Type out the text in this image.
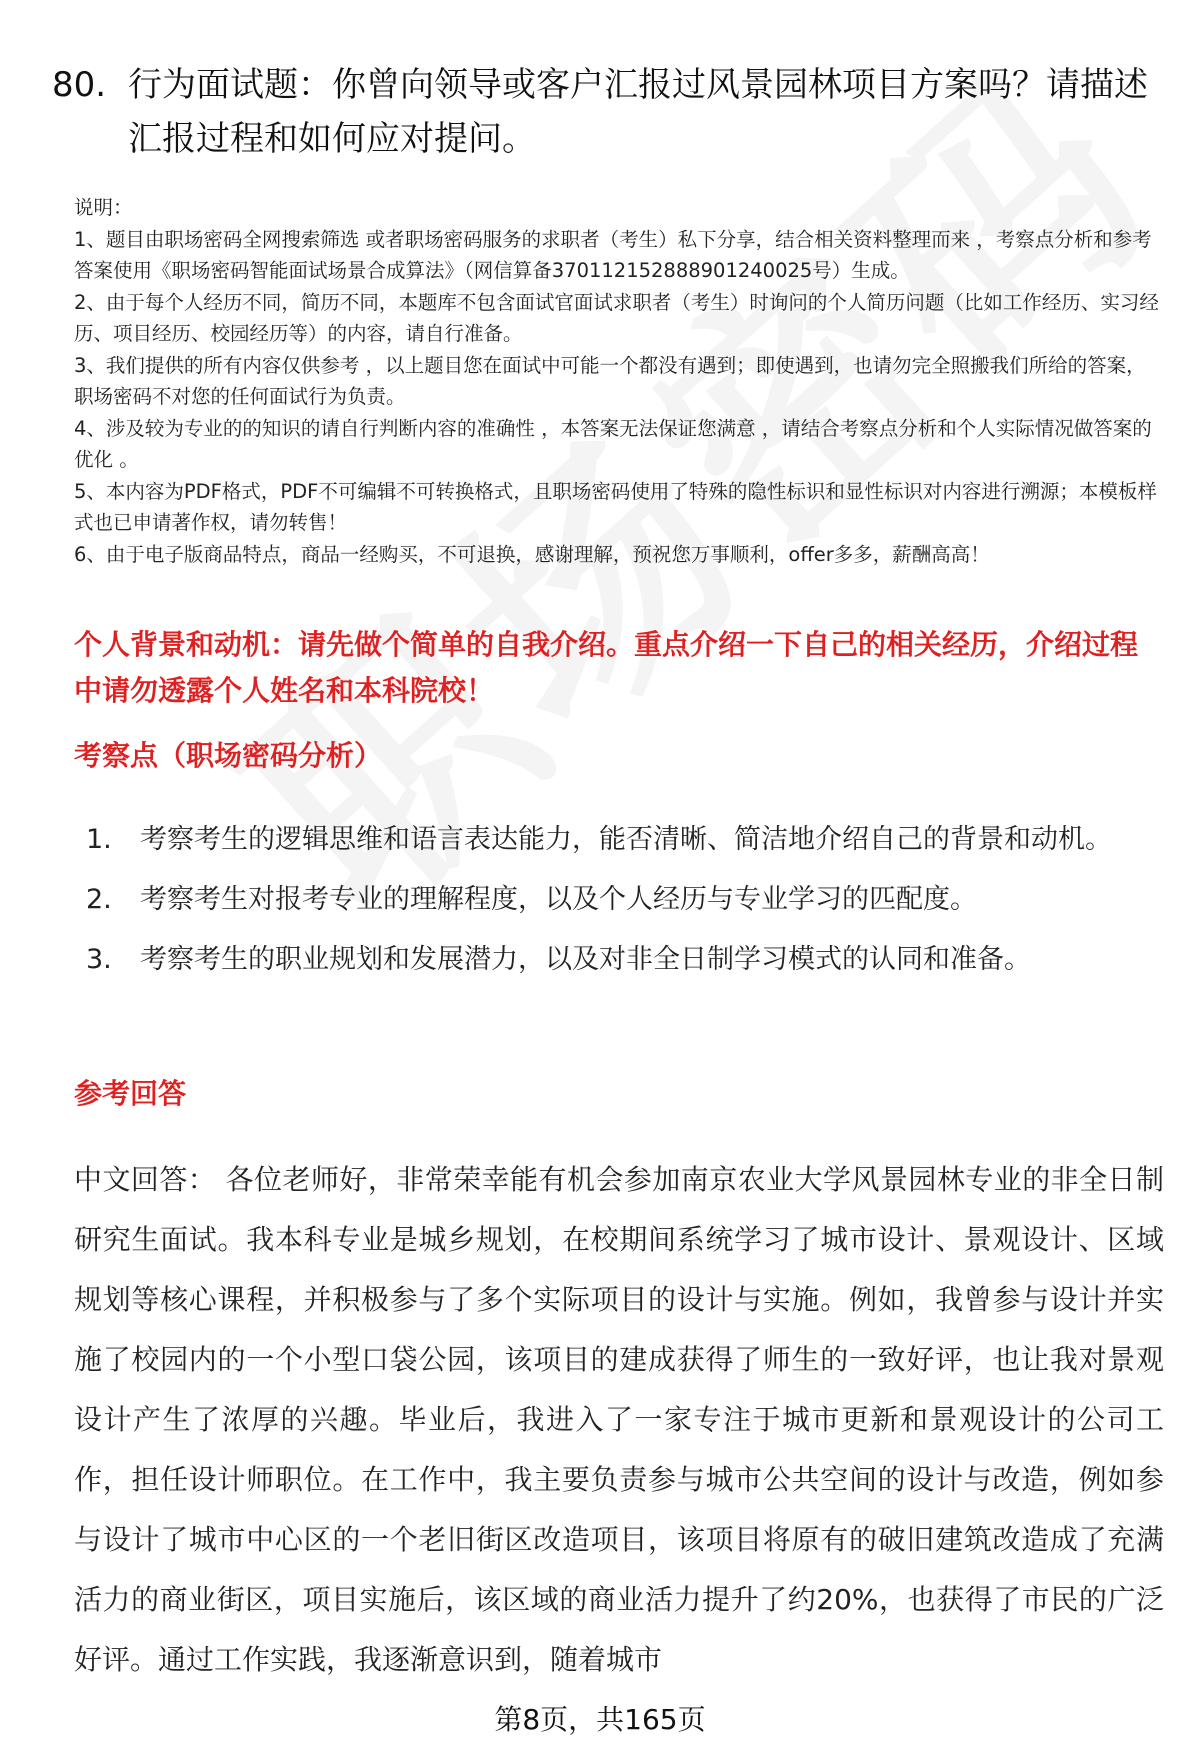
80. 行为面试题：你曾向领导或客户汇报过风景园林项目方案吗？请描述汇报过程和如何应对提问。

说明：

1、题目由职场密码全网搜索筛选 或者职场密码服务的求职者（考生）私下分享，结合相关资料整理而来 ，考察点分析和参考答案使用《职场密码智能面试场景合成算法》（网信算备370112152888901240025号）生成。

2、由于每个人经历不同，简历不同，本题库不包含面试官面试求职者（考生）时询问的个人简历问题（比如工作经历、实习经历、项目经历、校园经历等）的内容，请自行准备。

3、我们提供的所有内容仅供参考 ，以上题目您在面试中可能一个都没有遇到；即使遇到，也请勿完全照搬我们所给的答案，职场密码不对您的任何面试行为负责。

4、涉及较为专业的的知识的请自行判断内容的准确性 ，本答案无法保证您满意 ，请结合考察点分析和个人实际情况做答案的优化 。

5、本内容为PDF格式，PDF不可编辑不可转换格式，且职场密码使用了特殊的隐性标识和显性标识对内容进行溯源；本模板样式也已申请著作权，请勿转售！

6、由于电子版商品特点，商品一经购买，不可退换，感谢理解，预祝您万事顺利，offer多多，薪酬高高！

个人背景和动机：请先做个简单的自我介绍。重点介绍一下自己的相关经历，介绍过程中请勿透露个人姓名和本科院校！
考察点（职场密码分析）
1.	考察考生的逻辑思维和语言表达能力，能否清晰、简洁地介绍自己的背景和动机。
2.	考察考生对报考专业的理解程度，以及个人经历与专业学习的匹配度。
3.	考察考生的职业规划和发展潜力，以及对非全日制学习模式的认同和准备。
参考回答

中文回答： 各位老师好，非常荣幸能有机会参加南京农业大学风景园林专业的非全日制研究生面试。我本科专业是城乡规划，在校期间系统学习了城市设计、景观设计、区域规划等核心课程，并积极参与了多个实际项目的设计与实施。例如，我曾参与设计并实施了校园内的一个小型口袋公园，该项目的建成获得了师生的一致好评，也让我对景观设计产生了浓厚的兴趣。毕业后，我进入了一家专注于城市更新和景观设计的公司工作，担任设计师职位。在工作中，我主要负责参与城市公共空间的设计与改造，例如参与设计了城市中心区的一个老旧街区改造项目，该项目将原有的破旧建筑改造成了充满活力的商业街区，项目实施后，该区域的商业活力提升了约20%，也获得了市民的广泛好评。通过工作实践，我逐渐意识到，随着城市

第8页，共165页
